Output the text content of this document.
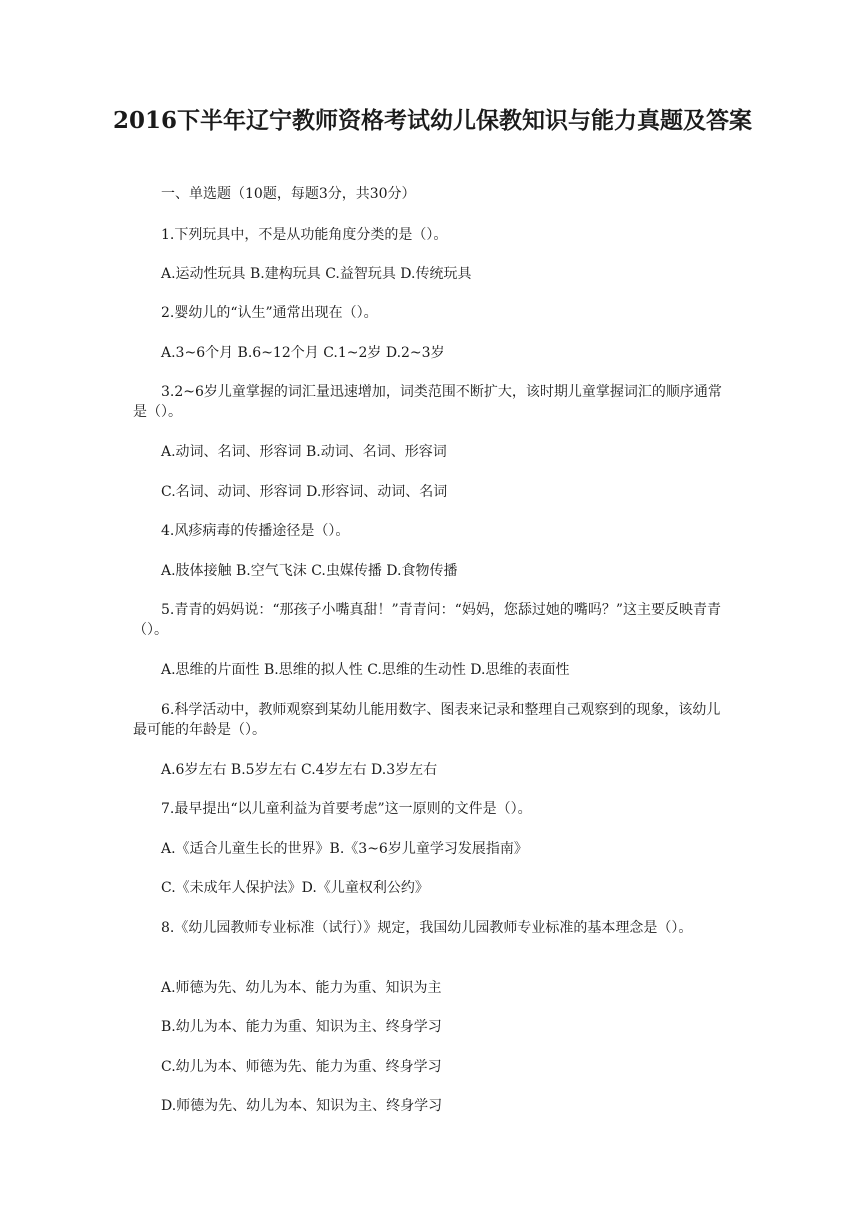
2016下半年辽宁教师资格考试幼儿保教知识与能力真题及答案

一、单选题（10题，每题3分，共30分）

1.下列玩具中，不是从功能角度分类的是（）。

A.运动性玩具 B.建构玩具 C.益智玩具 D.传统玩具

2.婴幼儿的“认生”通常出现在（）。

A.3~6个月 B.6~12个月 C.1~2岁 D.2~3岁

3.2~6岁儿童掌握的词汇量迅速增加，词类范围不断扩大，该时期儿童掌握词汇的顺序通常是（）。

A.动词、名词、形容词 B.动词、名词、形容词

C.名词、动词、形容词 D.形容词、动词、名词

4.风疹病毒的传播途径是（）。

A.肢体接触 B.空气飞沫 C.虫媒传播 D.食物传播

5.青青的妈妈说：“那孩子小嘴真甜！”青青问：“妈妈，您舔过她的嘴吗？”这主要反映青青（）。

A.思维的片面性 B.思维的拟人性 C.思维的生动性 D.思维的表面性

6.科学活动中，教师观察到某幼儿能用数字、图表来记录和整理自己观察到的现象，该幼儿最可能的年龄是（）。

A.6岁左右 B.5岁左右 C.4岁左右 D.3岁左右

7.最早提出“以儿童利益为首要考虑”这一原则的文件是（）。

A.《适合儿童生长的世界》B.《3~6岁儿童学习发展指南》

C.《未成年人保护法》D.《儿童权利公约》

8.《幼儿园教师专业标准（试行）》规定，我国幼儿园教师专业标准的基本理念是（）。

A.师德为先、幼儿为本、能力为重、知识为主

B.幼儿为本、能力为重、知识为主、终身学习

C.幼儿为本、师德为先、能力为重、终身学习

D.师德为先、幼儿为本、知识为主、终身学习
